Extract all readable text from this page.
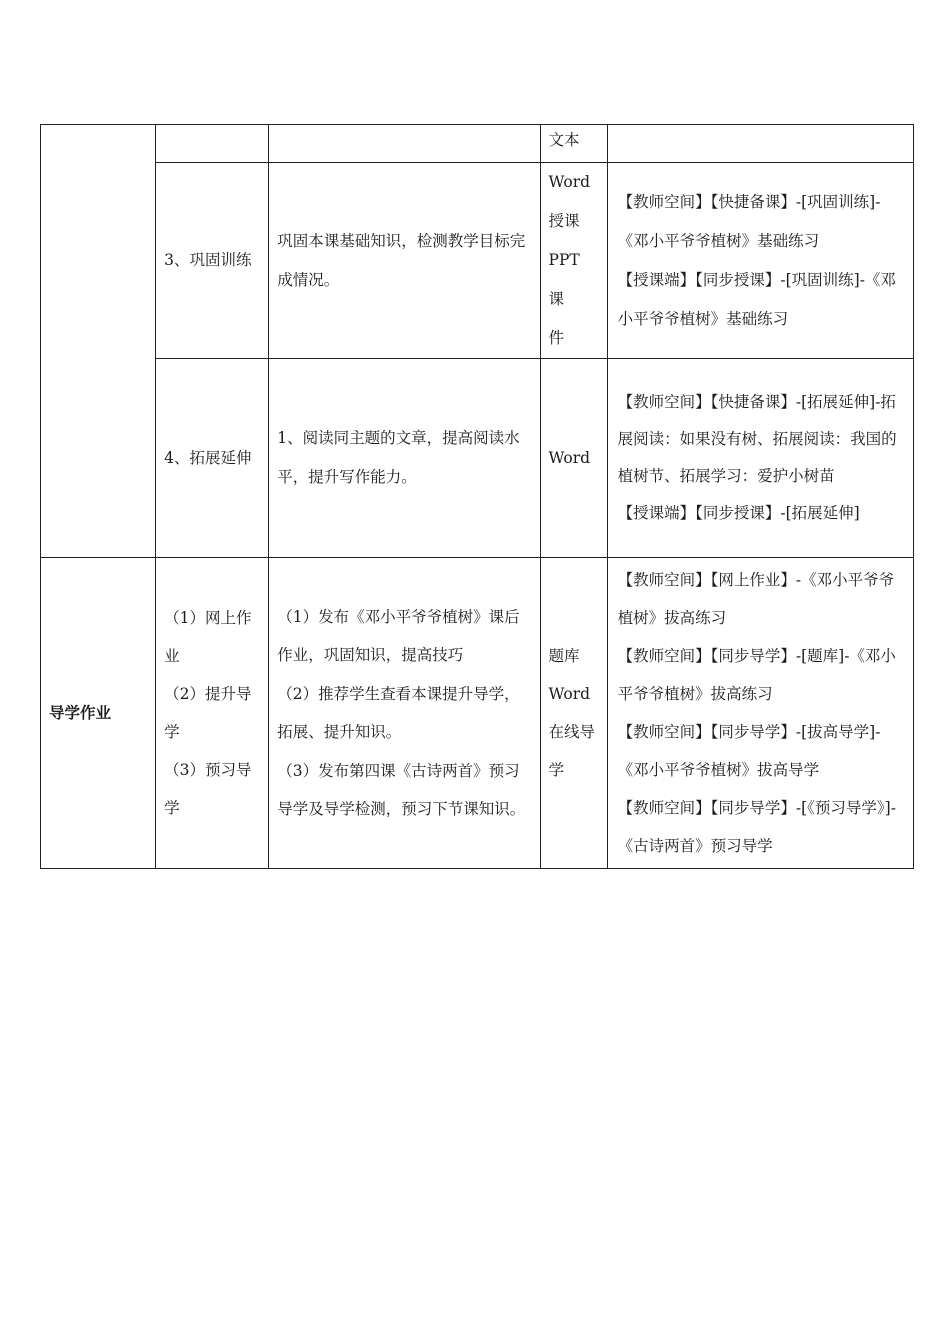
			文本	

	3、巩固训练	巩固本课基础知识，检测教学目标完成情况。	Word
授课
PPT 课
件	【教师空间】【快捷备课】-[巩固训练]- 《邓小平爷爷植树》基础练习
【授课端】【同步授课】-[巩固训练]-《邓小平爷爷植树》基础练习

	4、拓展延伸	1、阅读同主题的文章，提高阅读水平，提升写作能力。	Word	【教师空间】【快捷备课】-[拓展延伸]-拓展阅读：如果没有树、拓展阅读：我国的植树节、拓展学习：爱护小树苗
【授课端】【同步授课】-[拓展延伸]

导学作业	（1）网上作业
（2）提升导学
（3）预习导学	（1）发布《邓小平爷爷植树》课后作业，巩固知识，提高技巧
（2）推荐学生查看本课提升导学，拓展、提升知识。
（3）发布第四课《古诗两首》预习导学及导学检测，预习下节课知识。	题库
Word
在线导
学	【教师空间】【网上作业】-《邓小平爷爷植树》拔高练习
【教师空间】【同步导学】-[题库]-《邓小平爷爷植树》拔高练习
【教师空间】【同步导学】-[拔高导学]- 《邓小平爷爷植树》拔高导学
【教师空间】【同步导学】-[《预习导学》]-《古诗两首》预习导学
